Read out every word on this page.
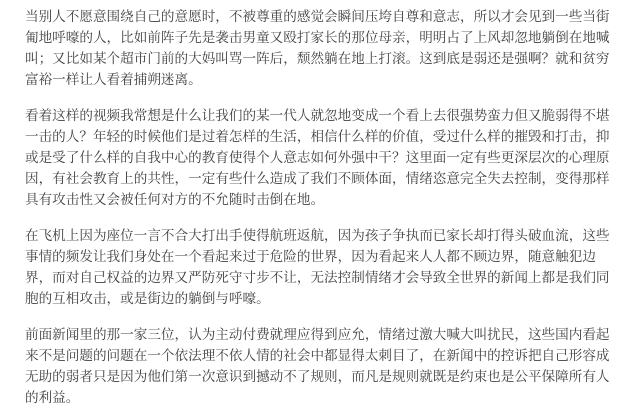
当别人不愿意围绕自己的意愿时，不被尊重的感觉会瞬间压垮自尊和意志，所以才会见到一些当街匍地呼嚎的人，比如前阵子先是袭击男童又殴打家长的那位母亲，明明占了上风却忽地躺倒在地喊叫；又比如某个超市门前的大妈叫骂一阵后，颓然躺在地上打滚。这到底是弱还是强啊？就和贫穷富裕一样让人看着捕朔迷离。

看着这样的视频我常想是什么让我们的某一代人就忽地变成一个看上去很强势蛮力但又脆弱得不堪一击的人？年轻的时候他们是过着怎样的生活，相信什么样的价值，受过什么样的摧毁和打击，抑或是受了什么样的自我中心的教育使得个人意志如何外强中干？这里面一定有些更深层次的心理原因，有社会教育上的共性，一定有些什么造成了我们不顾体面，情绪恣意完全失去控制，变得那样具有攻击性又会被任何对方的不允随时击倒在地。

在飞机上因为座位一言不合大打出手使得航班返航，因为孩子争执而已家长却打得头破血流，这些事情的频发让我们身处在一个看起来过于危险的世界，因为看起来人人都不顾边界，随意触犯边界，而对自己权益的边界又严防死守寸步不让，无法控制情绪才会导致全世界的新闻上都是我们同胞的互相攻击，或是街边的躺倒与呼嚎。

前面新闻里的那一家三位，认为主动付费就理应得到应允，情绪过激大喊大叫扰民，这些国内看起来不是问题的问题在一个依法理不依人情的社会中都显得太刺目了，在新闻中的控诉把自己形容成无助的弱者只是因为他们第一次意识到撼动不了规则，而凡是规则就既是约束也是公平保障所有人的利益。
